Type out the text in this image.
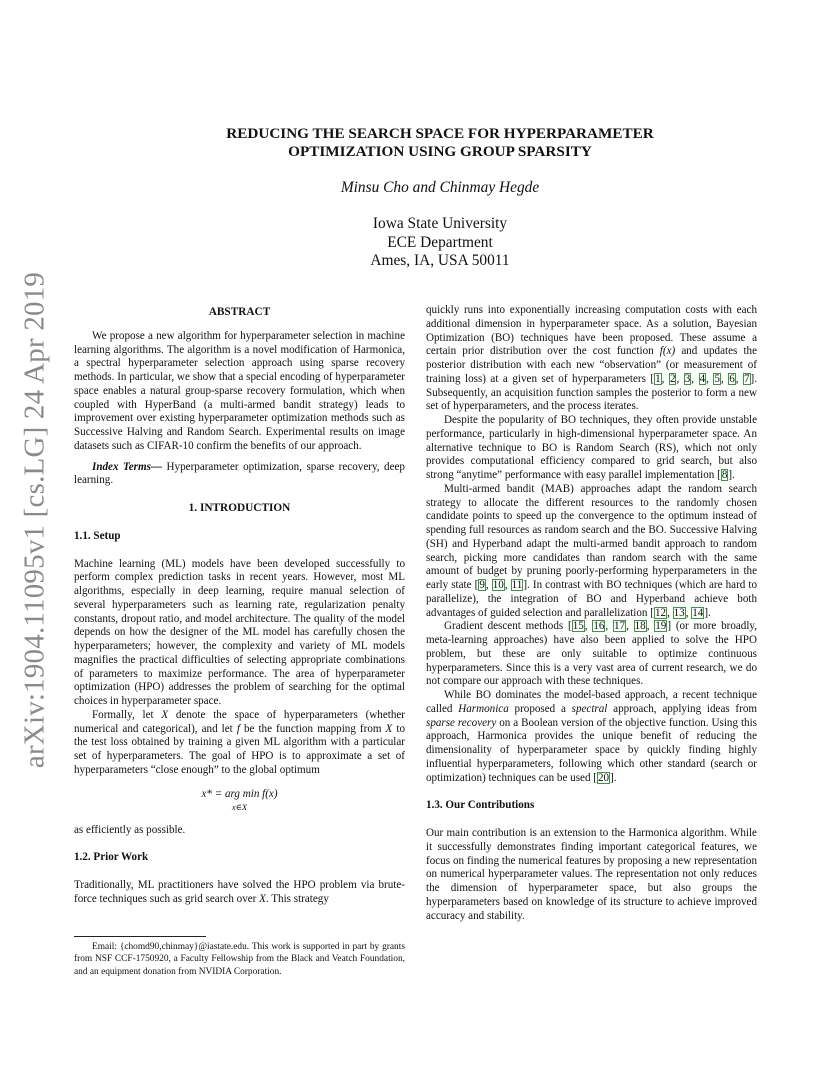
arXiv:1904.11095v1 [cs.LG] 24 Apr 2019
REDUCING THE SEARCH SPACE FOR HYPERPARAMETER
OPTIMIZATION USING GROUP SPARSITY
Minsu Cho and Chinmay Hegde
Iowa State University
ECE Department
Ames, IA, USA 50011
ABSTRACT

We propose a new algorithm for hyperparameter selection in machine learning algorithms. The algorithm is a novel modification of Harmonica, a spectral hyperparameter selection approach using sparse recovery methods. In particular, we show that a special encoding of hyperparameter space enables a natural group-sparse recovery formulation, which when coupled with HyperBand (a multi-armed bandit strategy) leads to improvement over existing hyperparameter optimization methods such as Successive Halving and Random Search. Experimental results on image datasets such as CIFAR-10 confirm the benefits of our approach.

Index Terms— Hyperparameter optimization, sparse recovery, deep learning.

1. INTRODUCTION
1.1. Setup

Machine learning (ML) models have been developed successfully to perform complex prediction tasks in recent years. However, most ML algorithms, especially in deep learning, require manual selection of several hyperparameters such as learning rate, regularization penalty constants, dropout ratio, and model architecture. The quality of the model depends on how the designer of the ML model has carefully chosen the hyperparameters; however, the complexity and variety of ML models magnifies the practical difficulties of selecting appropriate combinations of parameters to maximize performance. The area of hyperparameter optimization (HPO) addresses the problem of searching for the optimal choices in hyperparameter space.

Formally, let X denote the space of hyperparameters (whether numerical and categorical), and let f be the function mapping from X to the test loss obtained by training a given ML algorithm with a particular set of hyperparameters. The goal of HPO is to approximate a set of hyperparameters “close enough” to the global optimum

x* = arg min f(x)
x∈X

as efficiently as possible.

1.2. Prior Work

Traditionally, ML practitioners have solved the HPO problem via brute-force techniques such as grid search over X. This strategy

Email: {chomd90,chinmay}@iastate.edu. This work is supported in part by grants from NSF CCF-1750920, a Faculty Fellowship from the Black and Veatch Foundation, and an equipment donation from NVIDIA Corporation.

quickly runs into exponentially increasing computation costs with each additional dimension in hyperparameter space. As a solution, Bayesian Optimization (BO) techniques have been proposed. These assume a certain prior distribution over the cost function f(x) and updates the posterior distribution with each new “observation” (or measurement of training loss) at a given set of hyperparameters [1, 2, 3, 4, 5, 6, 7]. Subsequently, an acquisition function samples the posterior to form a new set of hyperparameters, and the process iterates.

Despite the popularity of BO techniques, they often provide unstable performance, particularly in high-dimensional hyperparameter space. An alternative technique to BO is Random Search (RS), which not only provides computational efficiency compared to grid search, but also strong “anytime” performance with easy parallel implementation [8].

Multi-armed bandit (MAB) approaches adapt the random search strategy to allocate the different resources to the randomly chosen candidate points to speed up the convergence to the optimum instead of spending full resources as random search and the BO. Successive Halving (SH) and Hyperband adapt the multi-armed bandit approach to random search, picking more candidates than random search with the same amount of budget by pruning poorly-performing hyperparameters in the early state [9, 10, 11]. In contrast with BO techniques (which are hard to parallelize), the integration of BO and Hyperband achieve both advantages of guided selection and parallelization [12, 13, 14].

Gradient descent methods [15, 16, 17, 18, 19] (or more broadly, meta-learning approaches) have also been applied to solve the HPO problem, but these are only suitable to optimize continuous hyperparameters. Since this is a very vast area of current research, we do not compare our approach with these techniques.

While BO dominates the model-based approach, a recent technique called Harmonica proposed a spectral approach, applying ideas from sparse recovery on a Boolean version of the objective function. Using this approach, Harmonica provides the unique benefit of reducing the dimensionality of hyperparameter space by quickly finding highly influential hyperparameters, following which other standard (search or optimization) techniques can be used [20].

1.3. Our Contributions

Our main contribution is an extension to the Harmonica algorithm. While it successfully demonstrates finding important categorical features, we focus on finding the numerical features by proposing a new representation on numerical hyperparameter values. The representation not only reduces the dimension of hyperparameter space, but also groups the hyperparameters based on knowledge of its structure to achieve improved accuracy and stability.
